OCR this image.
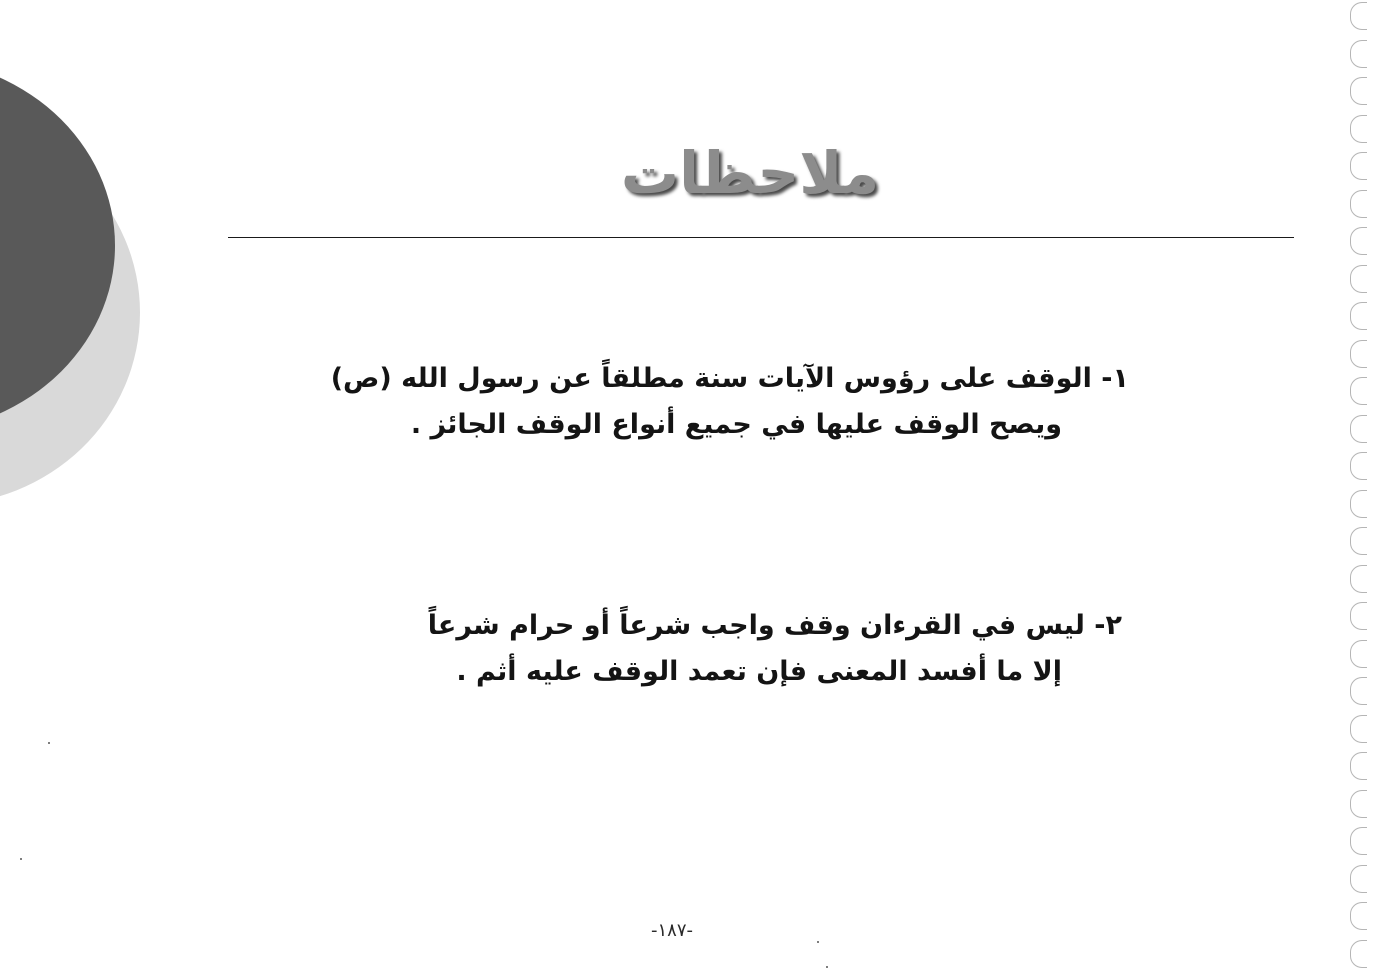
ملاحظات

١- الوقف على رؤوس الآيات سنة مطلقاً عن رسول الله (ص)

ويصح الوقف عليها في جميع أنواع الوقف الجائز .

٢- ليس في القرءان وقف واجب شرعاً أو حرام شرعاً

إلا ما أفسد المعنى فإن تعمد الوقف عليه أثم .

-١٨٧-
